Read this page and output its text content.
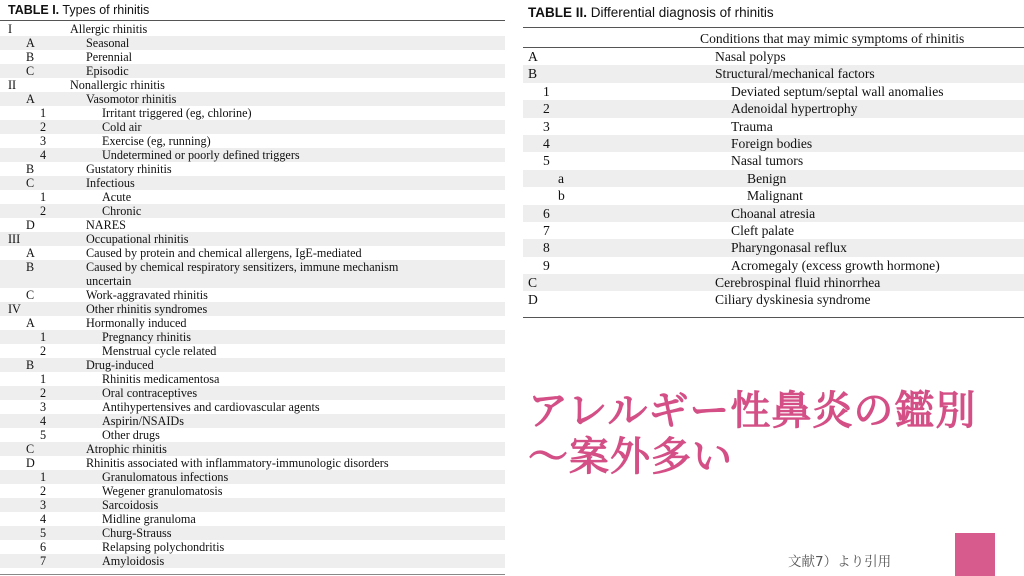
TABLE I. Types of rhinitis
I	Allergic rhinitis
A	Seasonal
B	Perennial
C	Episodic
II	Nonallergic rhinitis
A	Vasomotor rhinitis
1	Irritant triggered (eg, chlorine)
2	Cold air
3	Exercise (eg, running)
4	Undetermined or poorly defined triggers
B	Gustatory rhinitis
C	Infectious
1	Acute
2	Chronic
D	NARES
III	Occupational rhinitis
A	Caused by protein and chemical allergens, IgE-mediated
B	Caused by chemical respiratory sensitizers, immune mechanism
uncertain
C	Work-aggravated rhinitis
IV	Other rhinitis syndromes
A	Hormonally induced
1	Pregnancy rhinitis
2	Menstrual cycle related
B	Drug-induced
1	Rhinitis medicamentosa
2	Oral contraceptives
3	Antihypertensives and cardiovascular agents
4	Aspirin/NSAIDs
5	Other drugs
C	Atrophic rhinitis
D	Rhinitis associated with inflammatory-immunologic disorders
1	Granulomatous infections
2	Wegener granulomatosis
3	Sarcoidosis
4	Midline granuloma
5	Churg-Strauss
6	Relapsing polychondritis
7	Amyloidosis
TABLE II. Differential diagnosis of rhinitis
Conditions that may mimic symptoms of rhinitis
A	Nasal polyps
B	Structural/mechanical factors
1	Deviated septum/septal wall anomalies
2	Adenoidal hypertrophy
3	Trauma
4	Foreign bodies
5	Nasal tumors
a	Benign
b	Malignant
6	Choanal atresia
7	Cleft palate
8	Pharyngonasal reflux
9	Acromegaly (excess growth hormone)
C	Cerebrospinal fluid rhinorrhea
D	Ciliary dyskinesia syndrome
アレルギー性鼻炎の鑑別
～案外多い
文献7）より引用
